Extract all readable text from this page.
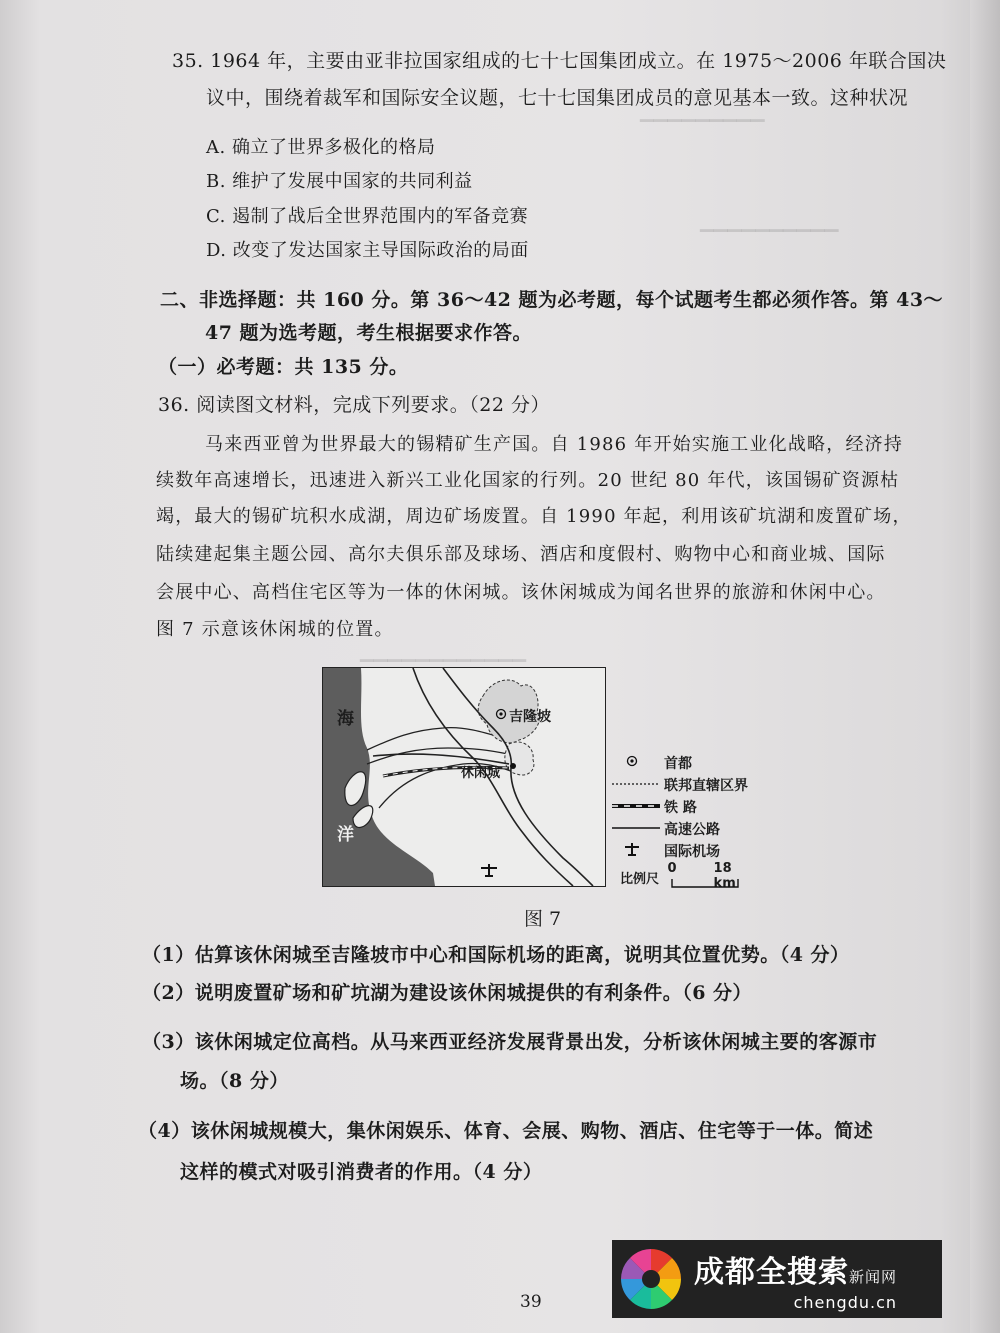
▔▔▔▔▔▔▔▔▔
▔▔▔▔▔▔▔▔▔▔
35. 1964 年，主要由亚非拉国家组成的七十七国集团成立。在 1975～2006 年联合国决
议中，围绕着裁军和国际安全议题，七十七国集团成员的意见基本一致。这种状况
A. 确立了世界多极化的格局
B. 维护了发展中国家的共同利益
C. 遏制了战后全世界范围内的军备竞赛
D. 改变了发达国家主导国际政治的局面
二、非选择题：共 160 分。第 36～42 题为必考题，每个试题考生都必须作答。第 43～
47 题为选考题，考生根据要求作答。
（一）必考题：共 135 分。
36. 阅读图文材料，完成下列要求。（22 分）
马来西亚曾为世界最大的锡精矿生产国。自 1986 年开始实施工业化战略，经济持
续数年高速增长，迅速进入新兴工业化国家的行列。20 世纪 80 年代，该国锡矿资源枯
竭，最大的锡矿坑积水成湖，周边矿场废置。自 1990 年起，利用该矿坑湖和废置矿场，
陆续建起集主题公园、高尔夫俱乐部及球场、酒店和度假村、购物中心和商业城、国际
会展中心、高档住宅区等为一体的休闲城。该休闲城成为闻名世界的旅游和休闲中心。
图 7 示意该休闲城的位置。
海
洋
吉隆坡
休闲城
首都
联邦直辖区界
铁 路
高速公路
国际机场
比例尺
0	18 km
图 7
（1）估算该休闲城至吉隆坡市中心和国际机场的距离，说明其位置优势。（4 分）
（2）说明废置矿场和矿坑湖为建设该休闲城提供的有利条件。（6 分）
（3）该休闲城定位高档。从马来西亚经济发展背景出发，分析该休闲城主要的客源市
场。（8 分）
（4）该休闲城规模大，集休闲娱乐、体育、会展、购物、酒店、住宅等于一体。简述
这样的模式对吸引消费者的作用。（4 分）
39
成都全搜索新闻网
chengdu.cn
